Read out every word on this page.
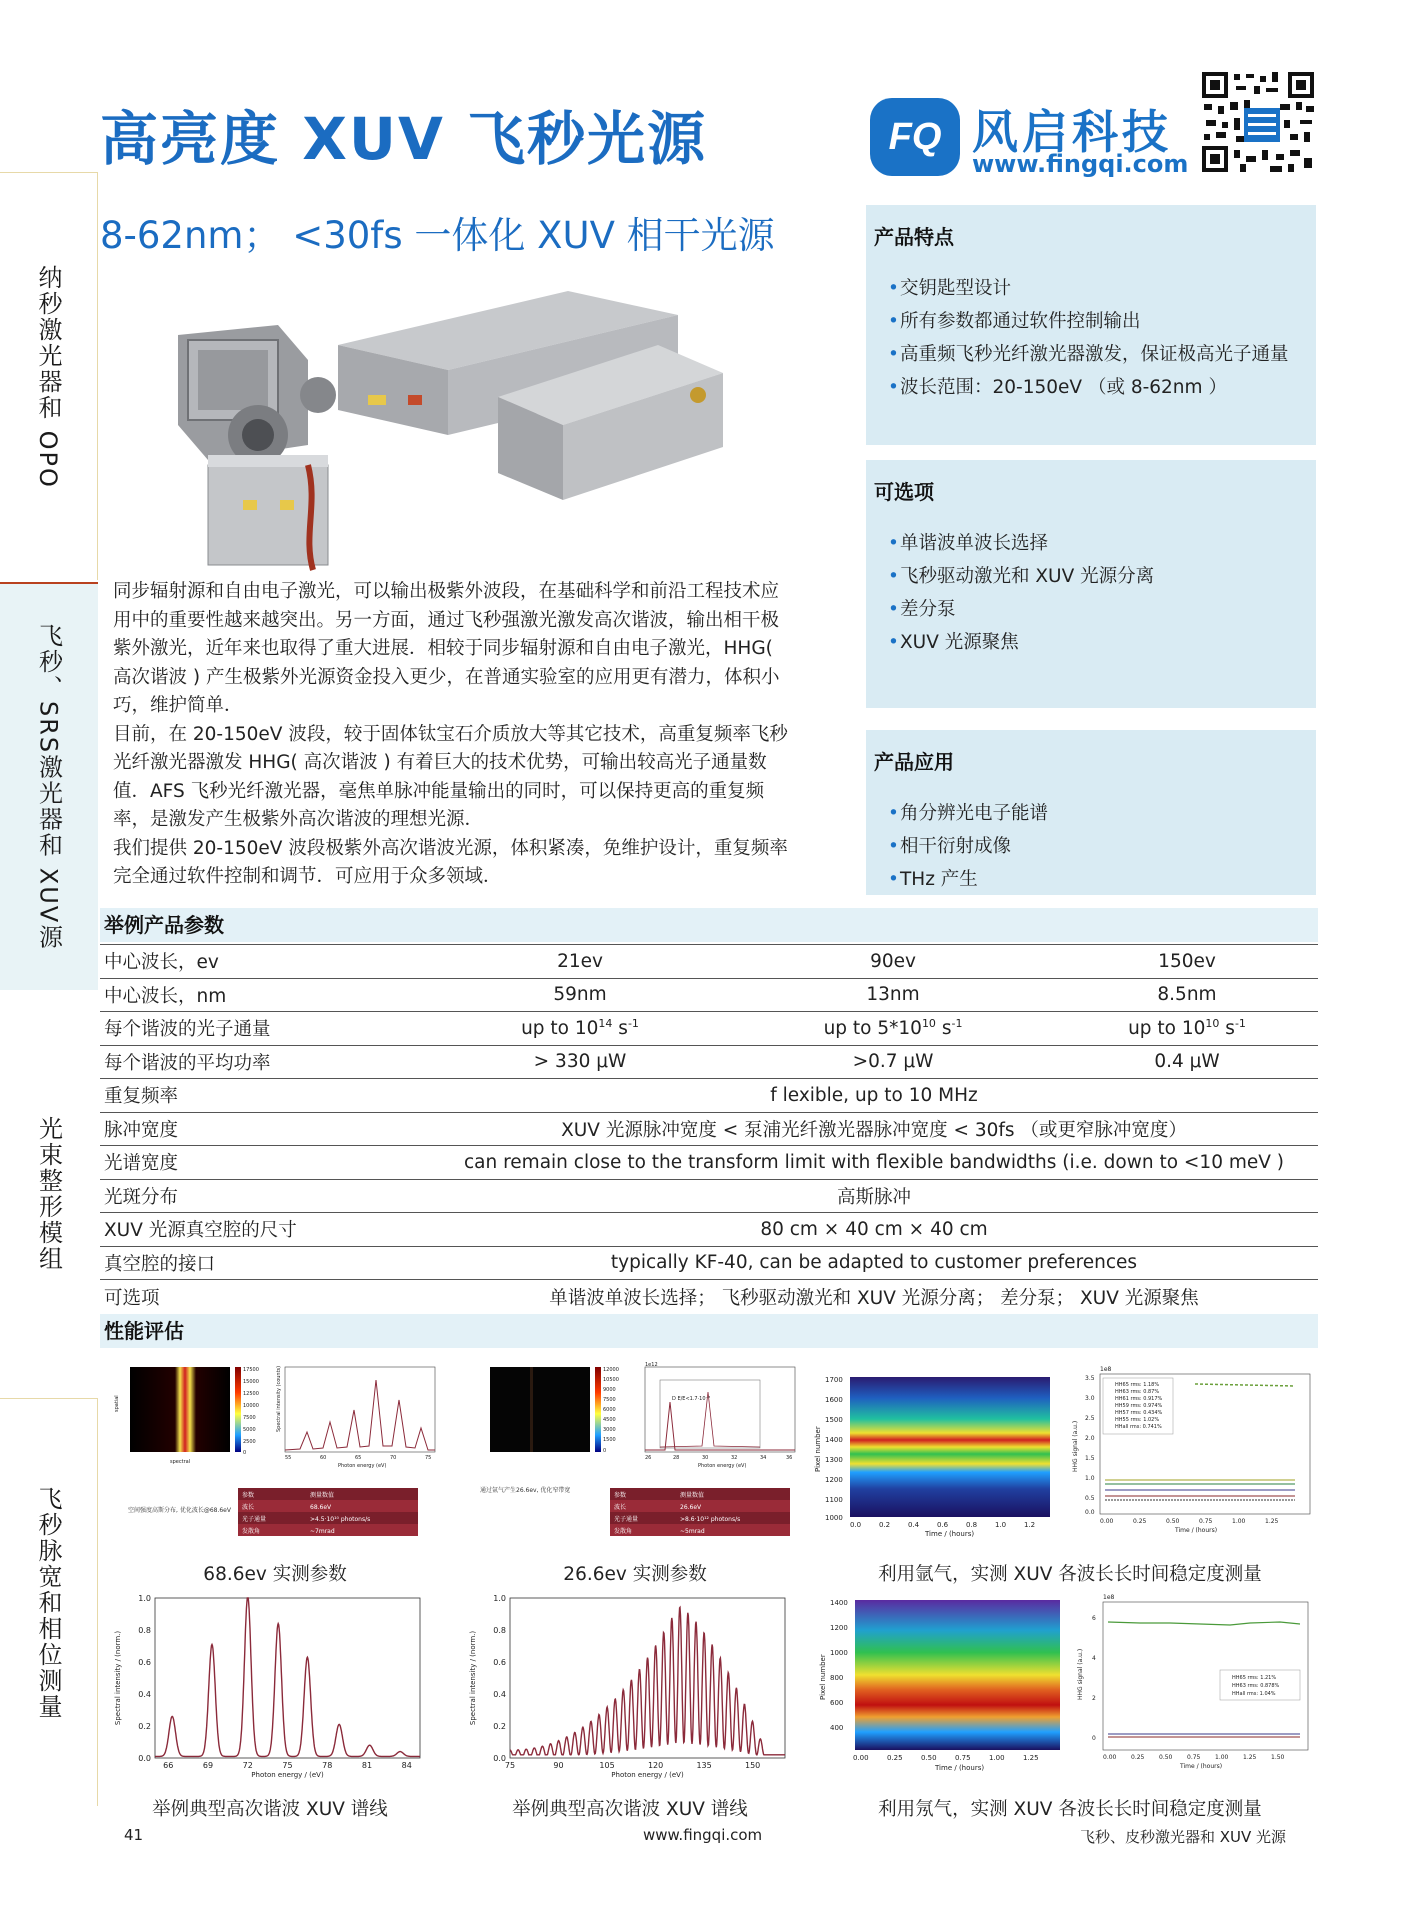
纳秒激光器和 OPO
飞秒、SRS激光器和 XUV源
光束整形模组
飞秒脉宽和相位测量
高亮度 XUV 飞秒光源
8-62nm； <30fs 一体化 XUV 相干光源
FQ 风启科技
www.fingqi.com

同步辐射源和自由电子激光，可以输出极紫外波段，在基础科学和前沿工程技术应用中的重要性越来越突出。另一方面，通过飞秒强激光激发高次谐波，输出相干极紫外激光，近年来也取得了重大进展．相较于同步辐射源和自由电子激光，HHG( 高次谐波 ) 产生极紫外光源资金投入更少，在普通实验室的应用更有潜力，体积小巧，维护简单．

目前，在 20-150eV 波段，较于固体钛宝石介质放大等其它技术，高重复频率飞秒光纤激光器激发 HHG( 高次谐波 ) 有着巨大的技术优势，可输出较高光子通量数值．AFS 飞秒光纤激光器，毫焦单脉冲能量输出的同时，可以保持更高的重复频率，是激发产生极紫外高次谐波的理想光源．

我们提供 20-150eV 波段极紫外高次谐波光源，体积紧凑，免维护设计，重复频率完全通过软件控制和调节．可应用于众多领域．

产品特点
• 交钥匙型设计
• 所有参数都通过软件控制输出
• 高重频飞秒光纤激光器激发，保证极高光子通量
• 波长范围：20-150eV （或 8-62nm ）
可选项
• 单谐波单波长选择
• 飞秒驱动激光和 XUV 光源分离
• 差分泵
• XUV 光源聚焦
产品应用
• 角分辨光电子能谱
• 相干衍射成像
• THz 产生
举例产品参数
中心波长，ev	21ev	90ev	150ev
中心波长，nm	59nm	13nm	8.5nm
每个谐波的光子通量	up to $10^{14}$ $s^{-1}$	up to $5*10^{10}$ $s^{-1}$	up to $10^{10}$ $s^{-1}$
每个谐波的平均功率	> 330 μW	>0.7 μW	0.4 μW
重复频率	f lexible, up to 10 MHz		
脉冲宽度	XUV 光源脉冲宽度 < 泵浦光纤激光器脉冲宽度 < 30fs （或更窄脉冲宽度）		
光谱宽度	can remain close to the transform limit with ﬂexible bandwidths (i.e. down to <10 meV )		
光斑分布	高斯脉冲		
XUV 光源真空腔的尺寸	80 cm × 40 cm × 40 cm		
真空腔的接口	typically KF-40, can be adapted to customer preferences		
可选项	单谐波单波长选择； 飞秒驱动激光和 XUV 光源分离； 差分泵； XUV 光源聚焦		
性能评估
17500
15000
12500
10000
7500
5000
2500
0
spatial
spectral
55	60	65	70	75
Photon energy (eV)
Spectral intensity (counts)
空间强度高斯分布, 优化波长@68.6eV
参数	测量数值
波长	68.6eV
光子通量	>4.5·10¹⁰ photons/s
发散角	~7mrad
68.6ev 实测参数
12000
10500
9000
7500
6000
4500
3000
1500
0
1e12
D E/E<1.7·10⁻³
26	28	30	32	34	36
Photon energy (eV)
通过氩气产生26.6ev, 优化窄带宽
参数	测量数值
波长	26.6eV
光子通量	>8.6·10¹² photons/s
发散角	~5mrad
26.6ev 实测参数
1700
1600
1500
1400
1300
1200
1100
1000
0.0	0.2	0.4	0.6	0.8	1.0	1.2
Time / (hours)
Pixel number
1e8
3.5
3.0
2.5
2.0
1.5
1.0
0.5
0.0
0.00	0.25	0.50	0.75	1.00	1.25
Time / (hours)
HHG signal (a.u.)
HH65 rms: 1.18%
HH63 rms: 0.87%
HH61 rms: 0.917%
HH59 rms: 0.974%
HH57 rms: 0.434%
HH55 rms: 1.02%
HHall rms: 0.741%
利用氩气，实测 XUV 各波长长时间稳定度测量
0.0
0.2
0.4
0.6
0.8
1.0
66	69	72	75	78	81	84
Photon energy / (eV)
Spectral intensity / (norm.)
举例典型高次谐波 XUV 谱线
0.0
0.2
0.4
0.6
0.8
1.0
75	90	105	120	135	150
Photon energy / (eV)
Spectral intensity / (norm.)
举例典型高次谐波 XUV 谱线
1400
1200
1000
800
600
400
0.00	0.25	0.50	0.75	1.00	1.25
Time / (hours)
Pixel number
1e8
6
4
2
0
0.00 0.25 0.50 0.75 1.00 1.25 1.50
Time / (hours)
HHG signal (a.u.)	HH65 rms: 1.21%
HH63 rms: 0.878%
HHall rms: 1.04%
利用氖气，实测 XUV 各波长长时间稳定度测量
41	www.fingqi.com	飞秒、皮秒激光器和 XUV 光源
